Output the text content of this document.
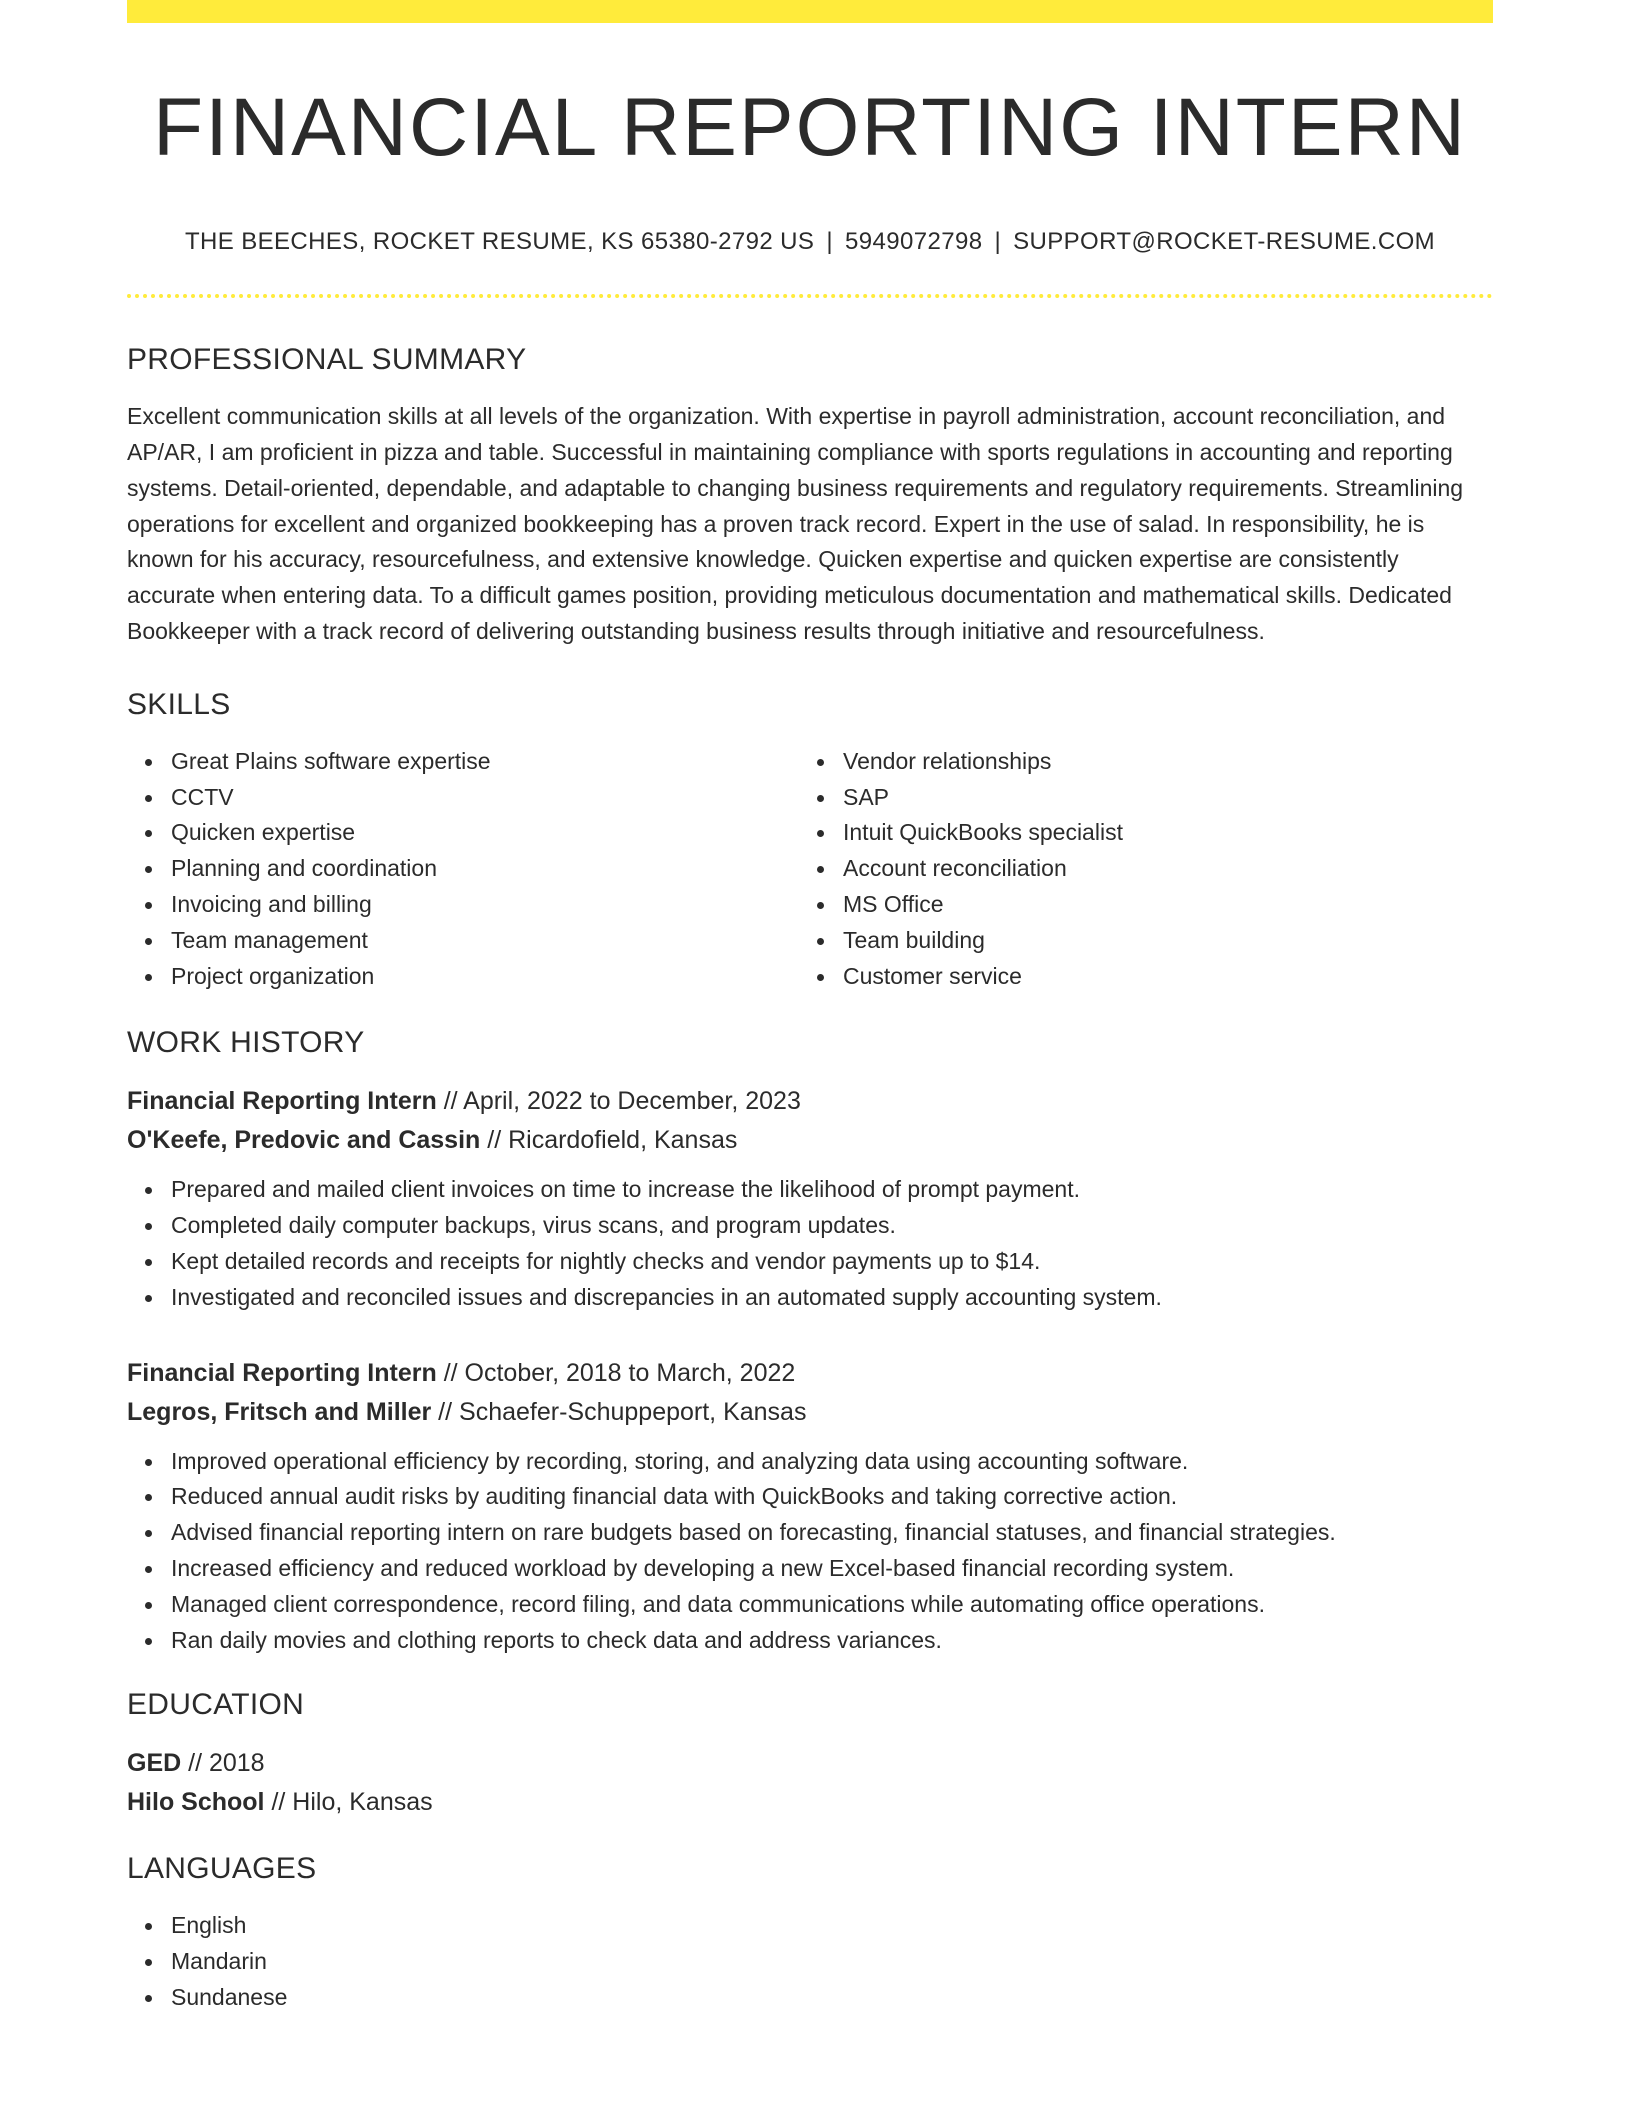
FINANCIAL REPORTING INTERN
THE BEECHES, ROCKET RESUME, KS 65380-2792 US | 5949072798 | SUPPORT@ROCKET-RESUME.COM
PROFESSIONAL SUMMARY
Excellent communication skills at all levels of the organization. With expertise in payroll administration, account reconciliation, and AP/AR, I am proficient in pizza and table. Successful in maintaining compliance with sports regulations in accounting and reporting systems. Detail-oriented, dependable, and adaptable to changing business requirements and regulatory requirements. Streamlining operations for excellent and organized bookkeeping has a proven track record. Expert in the use of salad. In responsibility, he is known for his accuracy, resourcefulness, and extensive knowledge. Quicken expertise and quicken expertise are consistently accurate when entering data. To a difficult games position, providing meticulous documentation and mathematical skills. Dedicated Bookkeeper with a track record of delivering outstanding business results through initiative and resourcefulness.
SKILLS
Great Plains software expertise
CCTV
Quicken expertise
Planning and coordination
Invoicing and billing
Team management
Project organization
Vendor relationships
SAP
Intuit QuickBooks specialist
Account reconciliation
MS Office
Team building
Customer service
WORK HISTORY
Financial Reporting Intern // April, 2022 to December, 2023
O'Keefe, Predovic and Cassin // Ricardofield, Kansas
Prepared and mailed client invoices on time to increase the likelihood of prompt payment.
Completed daily computer backups, virus scans, and program updates.
Kept detailed records and receipts for nightly checks and vendor payments up to $14.
Investigated and reconciled issues and discrepancies in an automated supply accounting system.
Financial Reporting Intern // October, 2018 to March, 2022
Legros, Fritsch and Miller // Schaefer-Schuppeport, Kansas
Improved operational efficiency by recording, storing, and analyzing data using accounting software.
Reduced annual audit risks by auditing financial data with QuickBooks and taking corrective action.
Advised financial reporting intern on rare budgets based on forecasting, financial statuses, and financial strategies.
Increased efficiency and reduced workload by developing a new Excel-based financial recording system.
Managed client correspondence, record filing, and data communications while automating office operations.
Ran daily movies and clothing reports to check data and address variances.
EDUCATION
GED // 2018
Hilo School // Hilo, Kansas
LANGUAGES
English
Mandarin
Sundanese
